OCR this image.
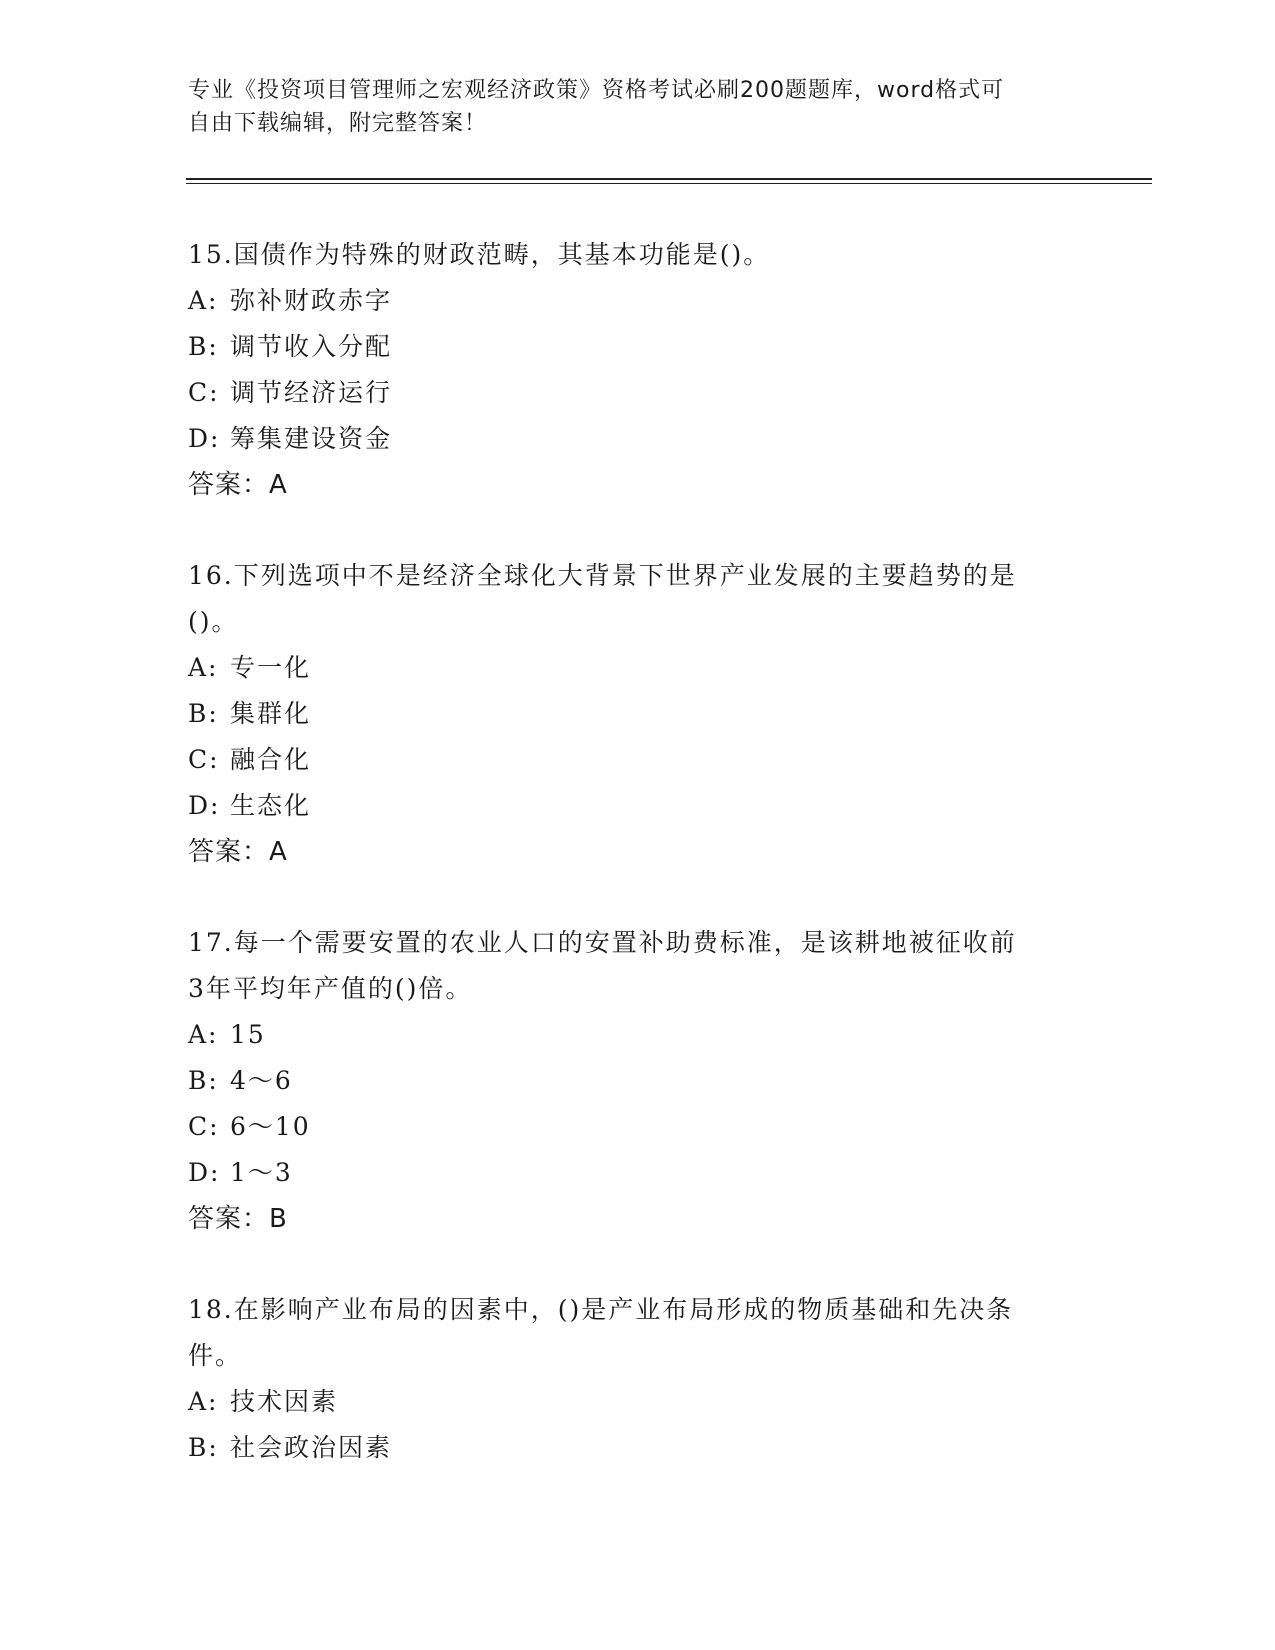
专业《投资项目管理师之宏观经济政策》资格考试必刷200题题库，word格式可
自由下载编辑，附完整答案！

15.国债作为特殊的财政范畴，其基本功能是()。

A: 弥补财政赤字

B: 调节收入分配

C: 调节经济运行

D: 筹集建设资金

答案：A

16.下列选项中不是经济全球化大背景下世界产业发展的主要趋势的是

()。

A: 专一化

B: 集群化

C: 融合化

D: 生态化

答案：A

17.每一个需要安置的农业人口的安置补助费标准，是该耕地被征收前

3年平均年产值的()倍。

A: 15

B: 4～6

C: 6～10

D: 1～3

答案：B

18.在影响产业布局的因素中，()是产业布局形成的物质基础和先决条

件。

A: 技术因素

B: 社会政治因素
